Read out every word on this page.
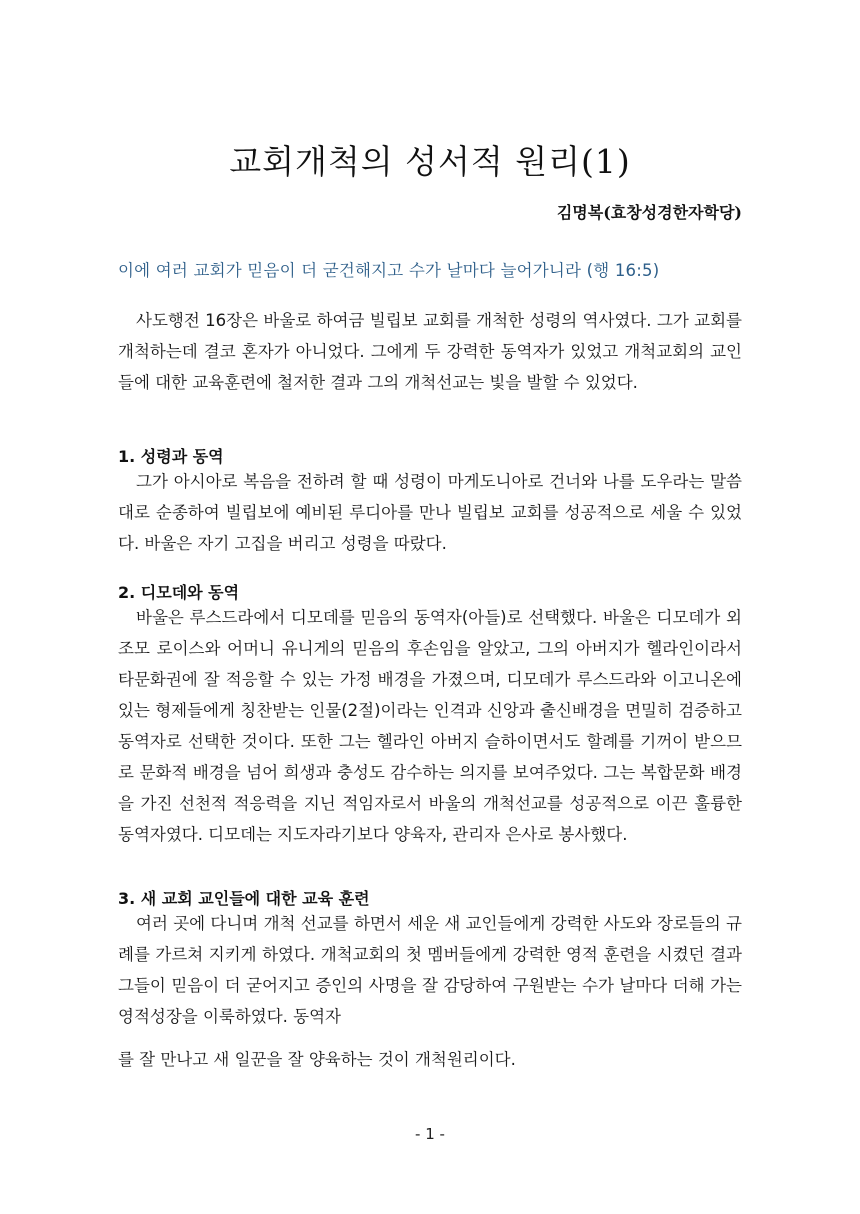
교회개척의 성서적 원리(1)
김명복(효창성경한자학당)
이에 여러 교회가 믿음이 더 굳건해지고 수가 날마다 늘어가니라 (행 16:5)

사도행전 16장은 바울로 하여금 빌립보 교회를 개척한 성령의 역사였다. 그가 교회를 개척하는데 결코 혼자가 아니었다. 그에게 두 강력한 동역자가 있었고 개척교회의 교인들에 대한 교육훈련에 철저한 결과 그의 개척선교는 빛을 발할 수 있었다.

1. 성령과 동역

그가 아시아로 복음을 전하려 할 때 성령이 마게도니아로 건너와 나를 도우라는 말씀대로 순종하여 빌립보에 예비된 루디아를 만나 빌립보 교회를 성공적으로 세울 수 있었다. 바울은 자기 고집을 버리고 성령을 따랐다.

2. 디모데와 동역

바울은 루스드라에서 디모데를 믿음의 동역자(아들)로 선택했다. 바울은 디모데가 외조모 로이스와 어머니 유니게의 믿음의 후손임을 알았고, 그의 아버지가 헬라인이라서 타문화권에 잘 적응할 수 있는 가정 배경을 가졌으며, 디모데가 루스드라와 이고니온에 있는 형제들에게 칭찬받는 인물(2절)이라는 인격과 신앙과 출신배경을 면밀히 검증하고 동역자로 선택한 것이다. 또한 그는 헬라인 아버지 슬하이면서도 할례를 기꺼이 받으므로 문화적 배경을 넘어 희생과 충성도 감수하는 의지를 보여주었다. 그는 복합문화 배경을 가진 선천적 적응력을 지닌 적임자로서 바울의 개척선교를 성공적으로 이끈 훌륭한 동역자였다. 디모데는 지도자라기보다 양육자, 관리자 은사로 봉사했다.

3. 새 교회 교인들에 대한 교육 훈련

여러 곳에 다니며 개척 선교를 하면서 세운 새 교인들에게 강력한 사도와 장로들의 규례를 가르쳐 지키게 하였다. 개척교회의 첫 멤버들에게 강력한 영적 훈련을 시켰던 결과 그들이 믿음이 더 굳어지고 증인의 사명을 잘 감당하여 구원받는 수가 날마다 더해 가는 영적성장을 이룩하였다. 동역자

를 잘 만나고 새 일꾼을 잘 양육하는 것이 개척원리이다.
- 1 -
